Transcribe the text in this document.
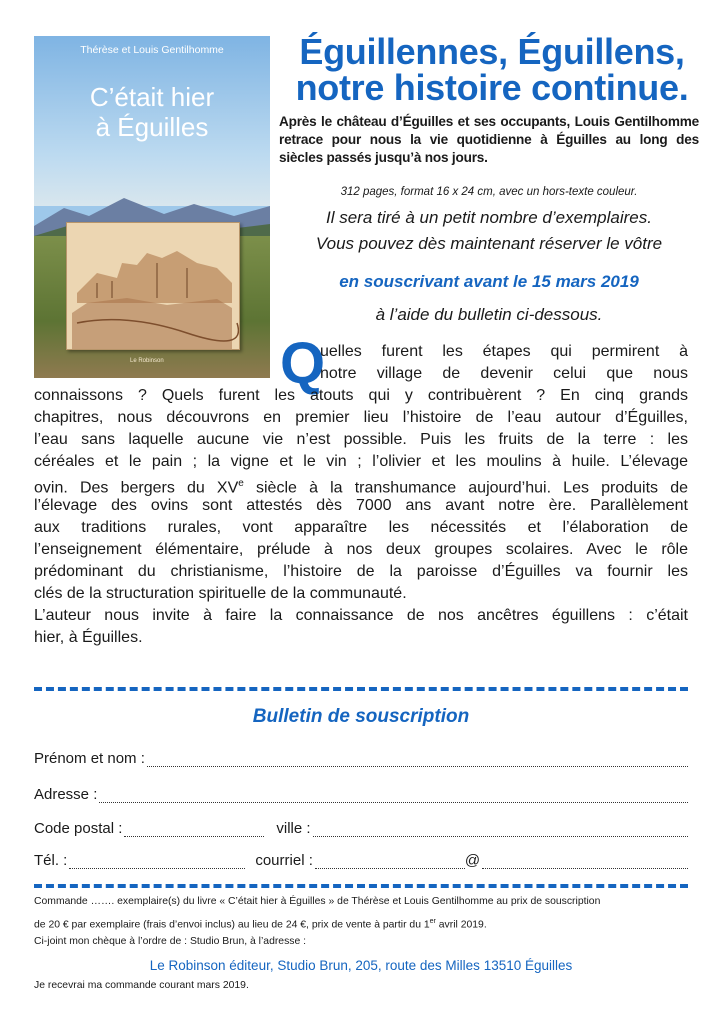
Thérèse et Louis Gentilhomme
C’était hier
à Éguilles
Le Robinson
Éguillennes, Éguillens,
notre histoire continue.
Après le château d’Éguilles et ses occupants, Louis Gentilhomme
retrace pour nous la vie quotidienne à Éguilles au long des
siècles passés jusqu’à nos jours.
312 pages, format 16 x 24 cm, avec un hors-texte couleur.
Il sera tiré à un petit nombre d’exemplaires.
Vous pouvez dès maintenant réserver le vôtre
en souscrivant avant le 15 mars 2019
à l’aide du bulletin ci-dessous.
Q
uelles furent les étapes qui permirent à
notre village de devenir celui que nous
connaissons ? Quels furent les atouts qui y contribuèrent ? En cinq grands
chapitres, nous découvrons en premier lieu l’histoire de l’eau autour d’Éguilles,
l’eau sans laquelle aucune vie n’est possible. Puis les fruits de la terre : les
céréales et le pain ; la vigne et le vin ; l’olivier et les moulins à huile. L’élevage
ovin. Des bergers du XVe siècle à la transhumance aujourd’hui. Les produits de
l’élevage des ovins sont attestés dès 7000 ans avant notre ère. Parallèlement
aux traditions rurales, vont apparaître les nécessités et l’élaboration de
l’enseignement élémentaire, prélude à nos deux groupes scolaires. Avec le rôle
prédominant du christianisme, l’histoire de la paroisse d’Éguilles va fournir les
clés de la structuration spirituelle de la communauté.
L’auteur nous invite à faire la connaissance de nos ancêtres éguillens : c’était
hier, à Éguilles.
Bulletin de souscription
Prénom et nom :
Adresse :
Code postal :	ville :
Tél. :	courriel :	@
Commande ……. exemplaire(s) du livre « C’était hier à Éguilles » de Thérèse et Louis Gentilhomme au prix de souscription
de 20 € par exemplaire (frais d’envoi inclus) au lieu de 24 €, prix de vente à partir du 1er avril 2019.
Ci-joint mon chèque à l’ordre de : Studio Brun, à l’adresse :
Le Robinson éditeur, Studio Brun, 205, route des Milles 13510 Éguilles
Je recevrai ma commande courant mars 2019.
